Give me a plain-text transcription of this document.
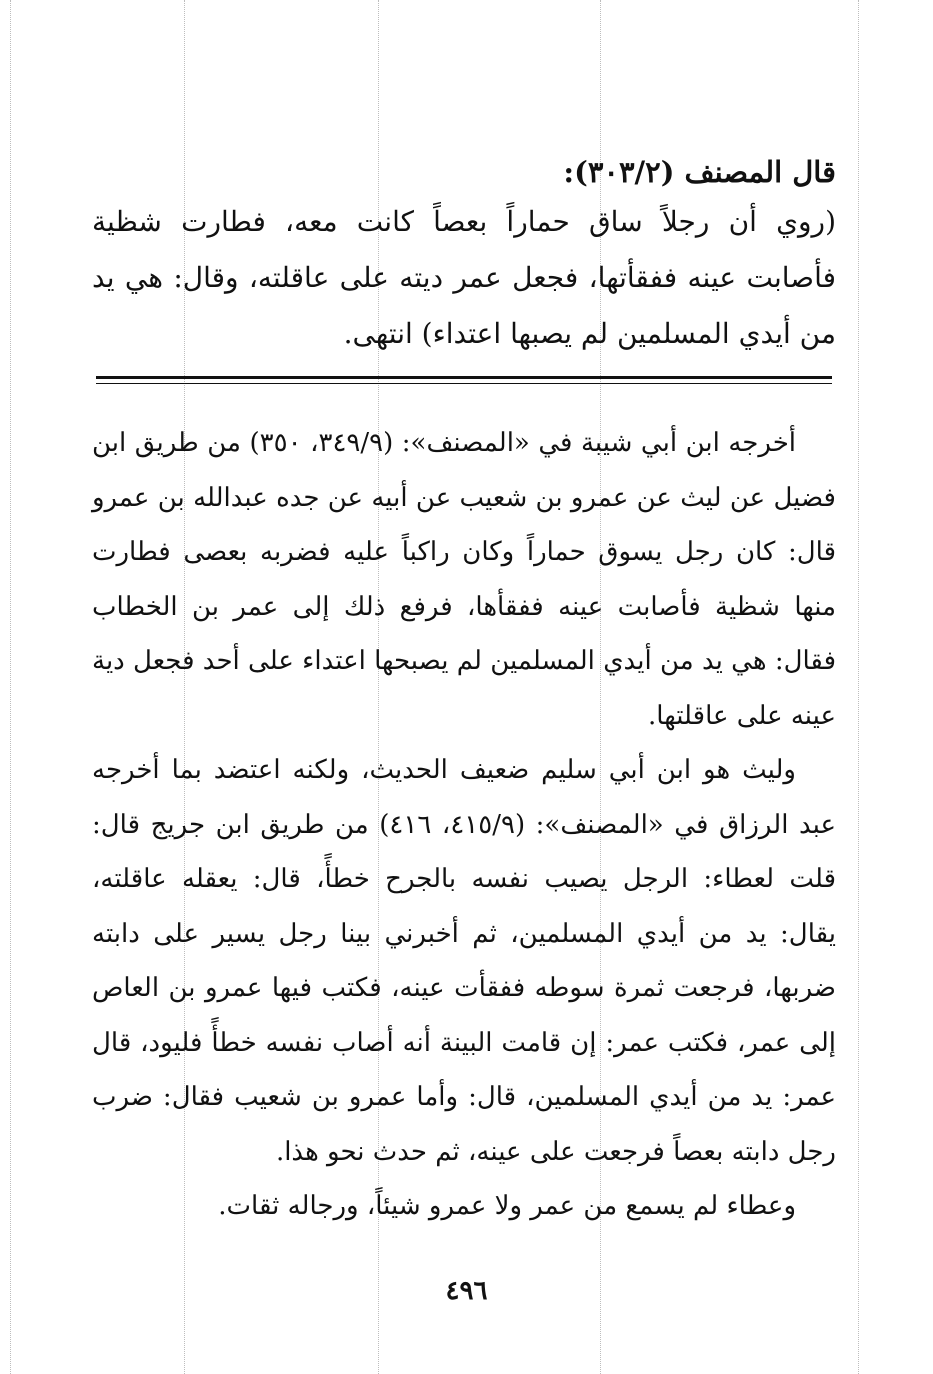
قال المصنف (٣٠٣/٢):

(روي أن رجلاً ساق حماراً بعصاً كانت معه، فطارت شظية فأصابت عينه ففقأتها، فجعل عمر ديته على عاقلته، وقال: هي يد من أيدي المسلمين لم يصبها اعتداء) انتهى.

أخرجه ابن أبي شيبة في «المصنف»: (٣٤٩/٩، ٣٥٠) من طريق ابن فضيل عن ليث عن عمرو بن شعيب عن أبيه عن جده عبدالله بن عمرو قال: كان رجل يسوق حماراً وكان راكباً عليه فضربه بعصى فطارت منها شظية فأصابت عينه ففقأها، فرفع ذلك إلى عمر بن الخطاب فقال: هي يد من أيدي المسلمين لم يصبحها اعتداء على أحد فجعل دية عينه على عاقلتها.

وليث هو ابن أبي سليم ضعيف الحديث، ولكنه اعتضد بما أخرجه عبد الرزاق في «المصنف»: (٤١٥/٩، ٤١٦) من طريق ابن جريج قال: قلت لعطاء: الرجل يصيب نفسه بالجرح خطأً، قال: يعقله عاقلته، يقال: يد من أيدي المسلمين، ثم أخبرني بينا رجل يسير على دابته ضربها، فرجعت ثمرة سوطه ففقأت عينه، فكتب فيها عمرو بن العاص إلى عمر، فكتب عمر: إن قامت البينة أنه أصاب نفسه خطأً فليود، قال عمر: يد من أيدي المسلمين، قال: وأما عمرو بن شعيب فقال: ضرب رجل دابته بعصاً فرجعت على عينه، ثم حدث نحو هذا.

وعطاء لم يسمع من عمر ولا عمرو شيئاً، ورجاله ثقات.

٤٩٦
